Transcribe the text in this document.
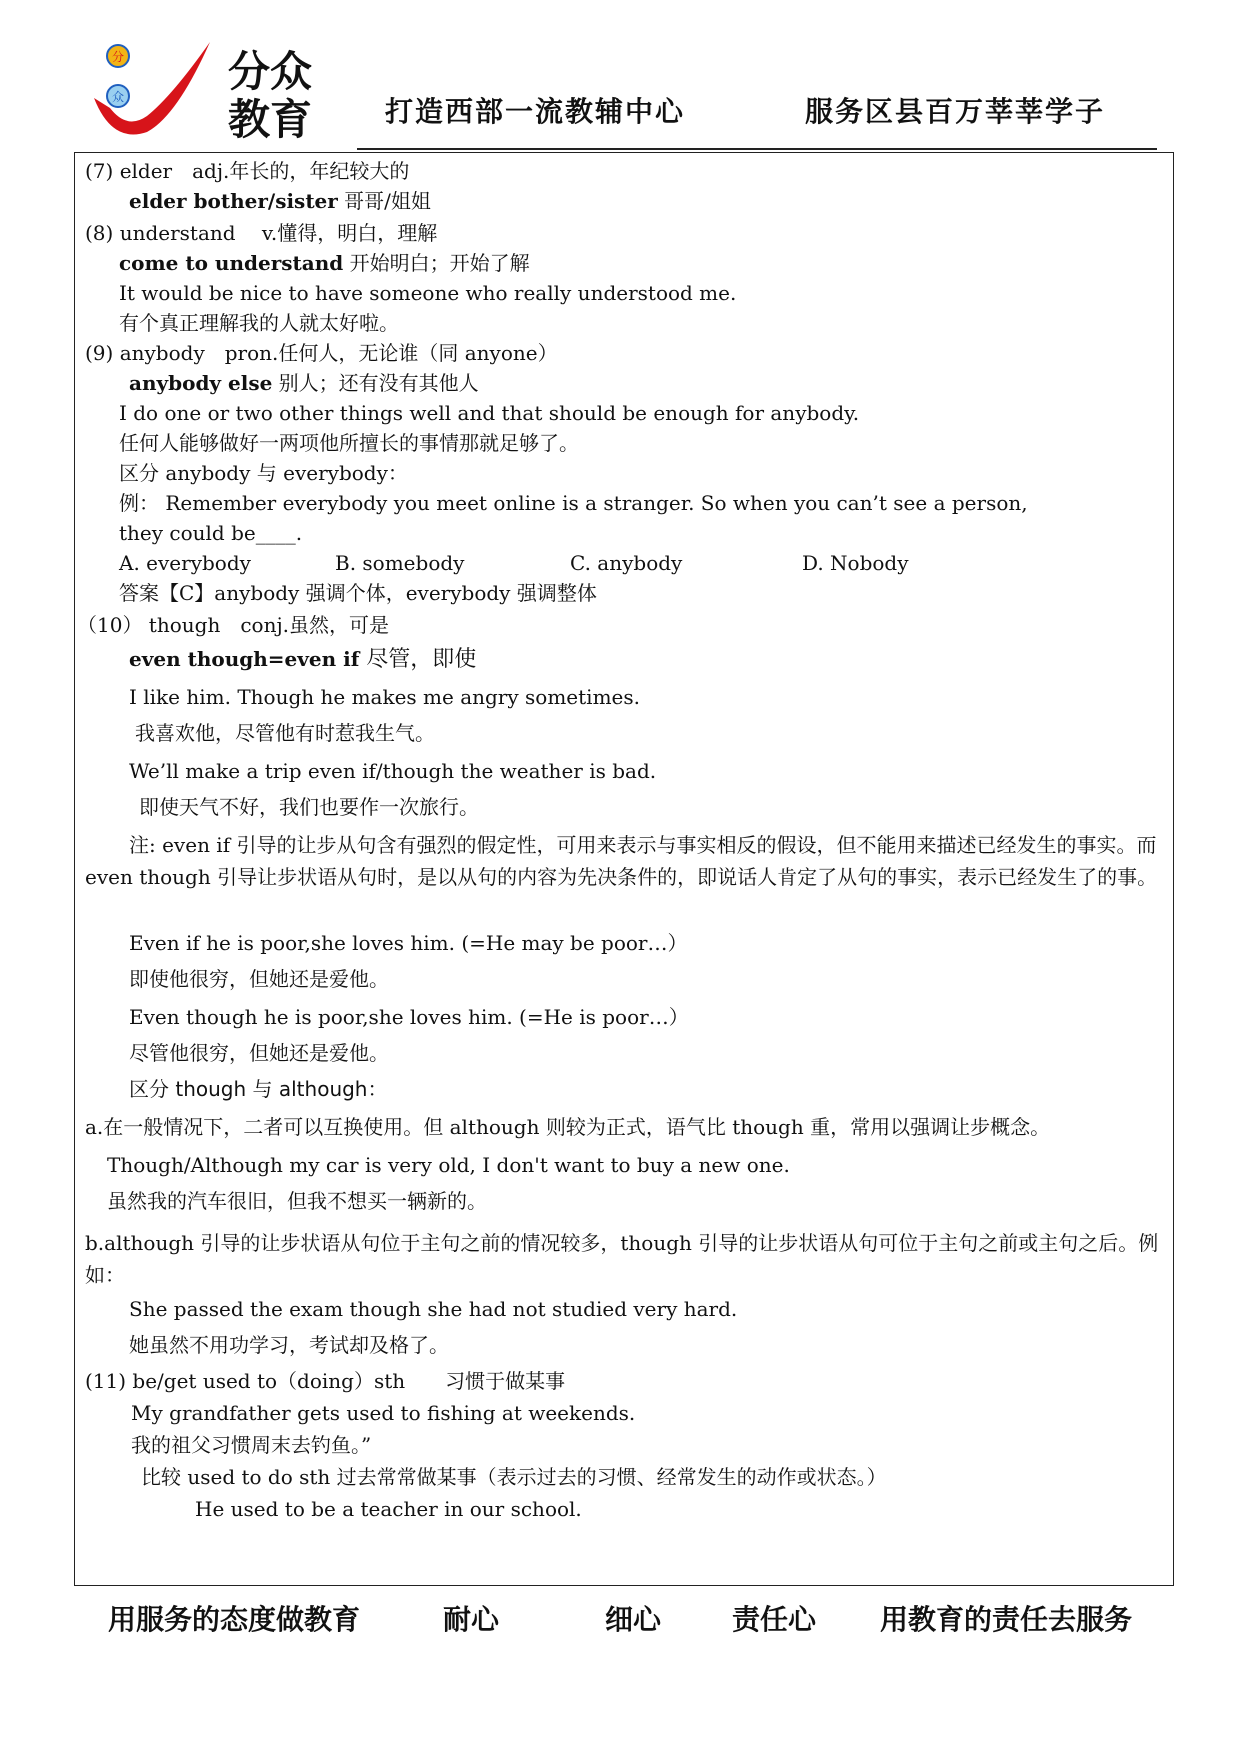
分
众
分众
教育	打造西部一流教辅中心	服务区县百万莘莘学子
(7) elder　adj.年长的，年纪较大的
elder bother/sister 哥哥/姐姐
(8) understand　 v.懂得，明白，理解
come to understand 开始明白；开始了解
It would be nice to have someone who really understood me.
有个真正理解我的人就太好啦。
(9) anybody　pron.任何人，无论谁（同 anyone）
anybody else 别人；还有没有其他人
I do one or two other things well and that should be enough for anybody.
任何人能够做好一两项他所擅长的事情那就足够了。
区分 anybody 与 everybody：
例： Remember everybody you meet online is a stranger. So when you can’t see a person,
they could be____.
A. everybody	B. somebody	C. anybody	D. Nobody
答案【C】anybody 强调个体，everybody 强调整体
（10） though　conj.虽然，可是
even though=even if 尽管，即使
I like him. Though he makes me angry sometimes.
我喜欢他，尽管他有时惹我生气。
We’ll make a trip even if/though the weather is bad.
即使天气不好，我们也要作一次旅行。
注: even if 引导的让步从句含有强烈的假定性，可用来表示与事实相反的假设，但不能用来描述已经发生的事实。而 even though 引导让步状语从句时，是以从句的内容为先决条件的，即说话人肯定了从句的事实，表示已经发生了的事。
Even if he is poor,she loves him. (=He may be poor…）
即使他很穷，但她还是爱他。
Even though he is poor,she loves him. (=He is poor…）
尽管他很穷，但她还是爱他。
区分 though 与 although：
a.在一般情况下，二者可以互换使用。但 although 则较为正式，语气比 though 重，常用以强调让步概念。
Though/Although my car is very old, I don't want to buy a new one.
虽然我的汽车很旧，但我不想买一辆新的。
b.although 引导的让步状语从句位于主句之前的情况较多，though 引导的让步状语从句可位于主句之前或主句之后。例如：
She passed the exam though she had not studied very hard.
她虽然不用功学习，考试却及格了。
(11) be/get used to（doing）sth　　习惯于做某事
My grandfather gets used to fishing at weekends.
我的祖父习惯周末去钓鱼。”
比较 used to do sth 过去常常做某事（表示过去的习惯、经常发生的动作或状态。）
He used to be a teacher in our school.
用服务的态度做教育	耐心	细心	责任心 用教育的责任去服务
